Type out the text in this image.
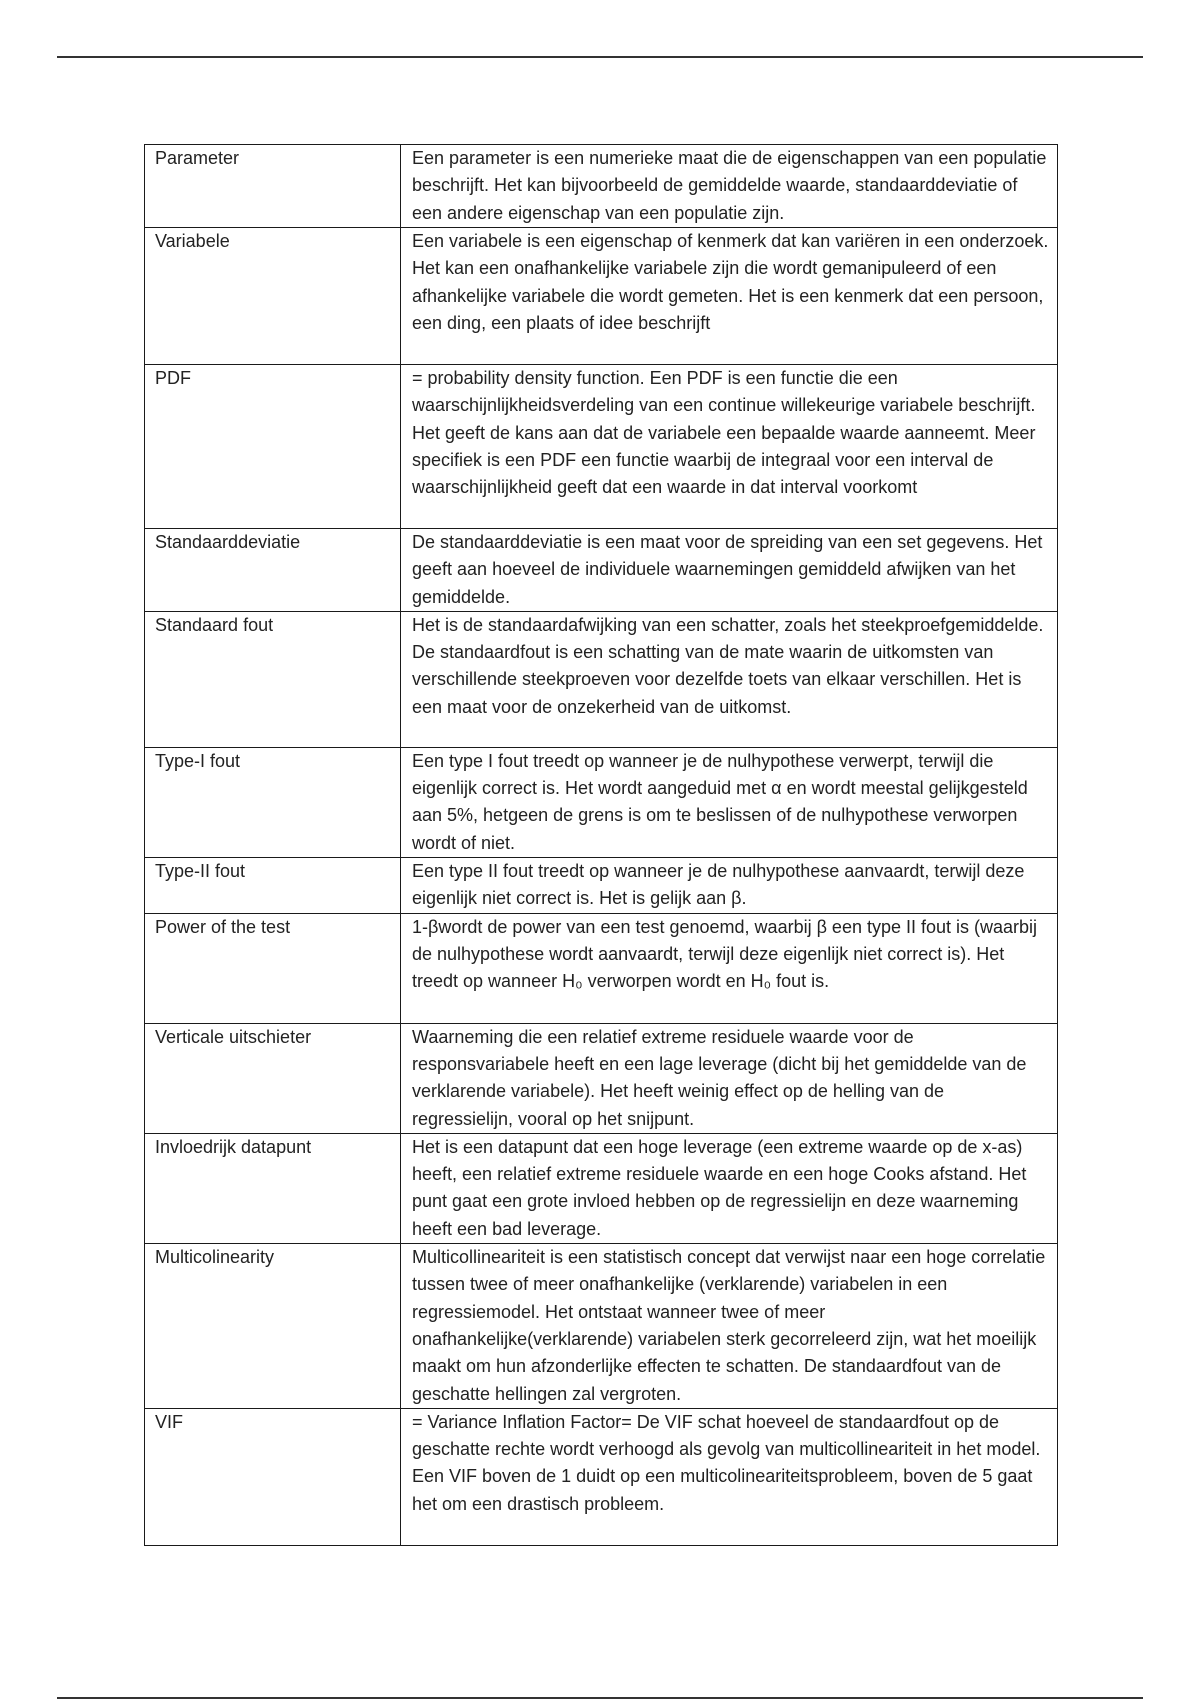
Parameter	Een parameter is een numerieke maat die de eigenschappen van een populatie beschrijft. Het kan bijvoorbeeld de gemiddelde waarde, standaarddeviatie of een andere eigenschap van een populatie zijn.
Variabele	Een variabele is een eigenschap of kenmerk dat kan variëren in een onderzoek. Het kan een onafhankelijke variabele zijn die wordt gemanipuleerd of een afhankelijke variabele die wordt gemeten. Het is een kenmerk dat een persoon, een ding, een plaats of idee beschrijft
PDF	= probability density function. Een PDF is een functie die een waarschijnlijkheidsverdeling van een continue willekeurige variabele beschrijft. Het geeft de kans aan dat de variabele een bepaalde waarde aanneemt. Meer specifiek is een PDF een functie waarbij de integraal voor een interval de waarschijnlijkheid geeft dat een waarde in dat interval voorkomt
Standaarddeviatie	De standaarddeviatie is een maat voor de spreiding van een set gegevens. Het geeft aan hoeveel de individuele waarnemingen gemiddeld afwijken van het gemiddelde.
Standaard fout	Het is de standaardafwijking van een schatter, zoals het steekproefgemiddelde. De standaardfout is een schatting van de mate waarin de uitkomsten van verschillende steekproeven voor dezelfde toets van elkaar verschillen. Het is een maat voor de onzekerheid van de uitkomst.
Type-I fout	Een type I fout treedt op wanneer je de nulhypothese verwerpt, terwijl die eigenlijk correct is. Het wordt aangeduid met α en wordt meestal gelijkgesteld aan 5%, hetgeen de grens is om te beslissen of de nulhypothese verworpen wordt of niet.
Type-II fout	Een type II fout treedt op wanneer je de nulhypothese aanvaardt, terwijl deze eigenlijk niet correct is. Het is gelijk aan β.
Power of the test	1-βwordt de power van een test genoemd, waarbij β een type II fout is (waarbij de nulhypothese wordt aanvaardt, terwijl deze eigenlijk niet correct is). Het treedt op wanneer H₀ verworpen wordt en H₀ fout is.
Verticale uitschieter	Waarneming die een relatief extreme residuele waarde voor de responsvariabele heeft en een lage leverage (dicht bij het gemiddelde van de verklarende variabele). Het heeft weinig effect op de helling van de regressielijn, vooral op het snijpunt.
Invloedrijk datapunt	Het is een datapunt dat een hoge leverage (een extreme waarde op de x-as) heeft, een relatief extreme residuele waarde en een hoge Cooks afstand. Het punt gaat een grote invloed hebben op de regressielijn en deze waarneming heeft een bad leverage.
Multicolinearity	Multicollineariteit is een statistisch concept dat verwijst naar een hoge correlatie tussen twee of meer onafhankelijke (verklarende) variabelen in een regressiemodel. Het ontstaat wanneer twee of meer onafhankelijke(verklarende) variabelen sterk gecorreleerd zijn, wat het moeilijk maakt om hun afzonderlijke effecten te schatten. De standaardfout van de geschatte hellingen zal vergroten.
VIF	= Variance Inflation Factor= De VIF schat hoeveel de standaardfout op de geschatte rechte wordt verhoogd als gevolg van multicollineariteit in het model. Een VIF boven de 1 duidt op een multicolineariteitsprobleem, boven de 5 gaat het om een drastisch probleem.
